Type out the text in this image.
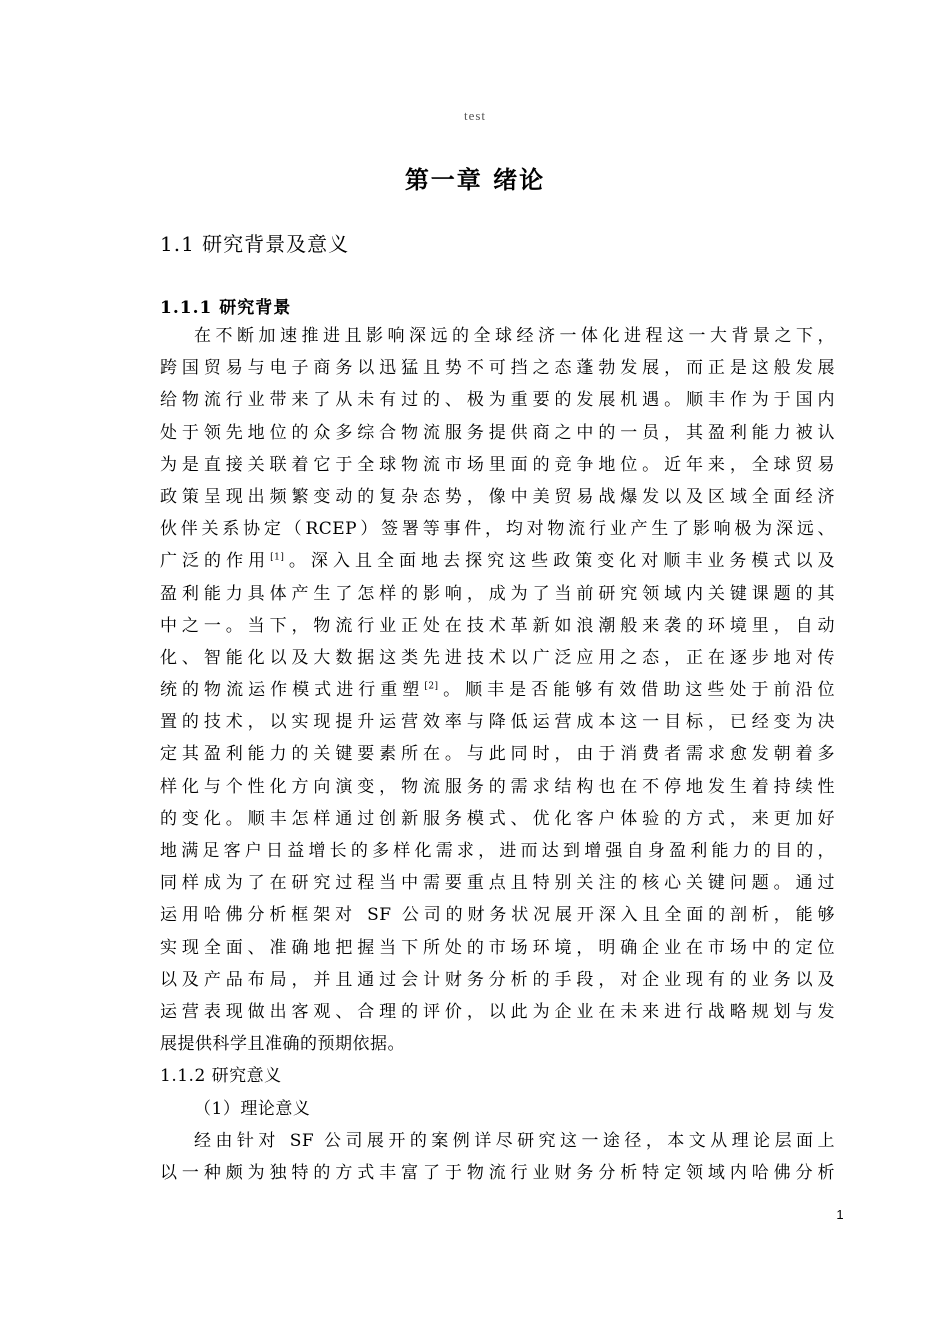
test
第一章 绪论
1.1 研究背景及意义
1.1.1 研究背景
在不断加速推进且影响深远的全球经济一体化进程这一大背景之下，
跨国贸易与电子商务以迅猛且势不可挡之态蓬勃发展，而正是这般发展
给物流行业带来了从未有过的、极为重要的发展机遇。顺丰作为于国内
处于领先地位的众多综合物流服务提供商之中的一员，其盈利能力被认
为是直接关联着它于全球物流市场里面的竞争地位。近年来，全球贸易
政策呈现出频繁变动的复杂态势，像中美贸易战爆发以及区域全面经济
伙伴关系协定（RCEP）签署等事件，均对物流行业产生了影响极为深远、
广泛的作用[1]。深入且全面地去探究这些政策变化对顺丰业务模式以及
盈利能力具体产生了怎样的影响，成为了当前研究领域内关键课题的其
中之一。当下，物流行业正处在技术革新如浪潮般来袭的环境里，自动
化、智能化以及大数据这类先进技术以广泛应用之态，正在逐步地对传
统的物流运作模式进行重塑[2]。顺丰是否能够有效借助这些处于前沿位
置的技术，以实现提升运营效率与降低运营成本这一目标，已经变为决
定其盈利能力的关键要素所在。与此同时，由于消费者需求愈发朝着多
样化与个性化方向演变，物流服务的需求结构也在不停地发生着持续性
的变化。顺丰怎样通过创新服务模式、优化客户体验的方式，来更加好
地满足客户日益增长的多样化需求，进而达到增强自身盈利能力的目的，
同样成为了在研究过程当中需要重点且特别关注的核心关键问题。通过
运用哈佛分析框架对 SF 公司的财务状况展开深入且全面的剖析，能够
实现全面、准确地把握当下所处的市场环境，明确企业在市场中的定位
以及产品布局，并且通过会计财务分析的手段，对企业现有的业务以及
运营表现做出客观、合理的评价，以此为企业在未来进行战略规划与发
展提供科学且准确的预期依据。
1.1.2 研究意义
（1）理论意义
经由针对 SF 公司展开的案例详尽研究这一途径，本文从理论层面上
以一种颇为独特的方式丰富了于物流行业财务分析特定领域内哈佛分析
1
